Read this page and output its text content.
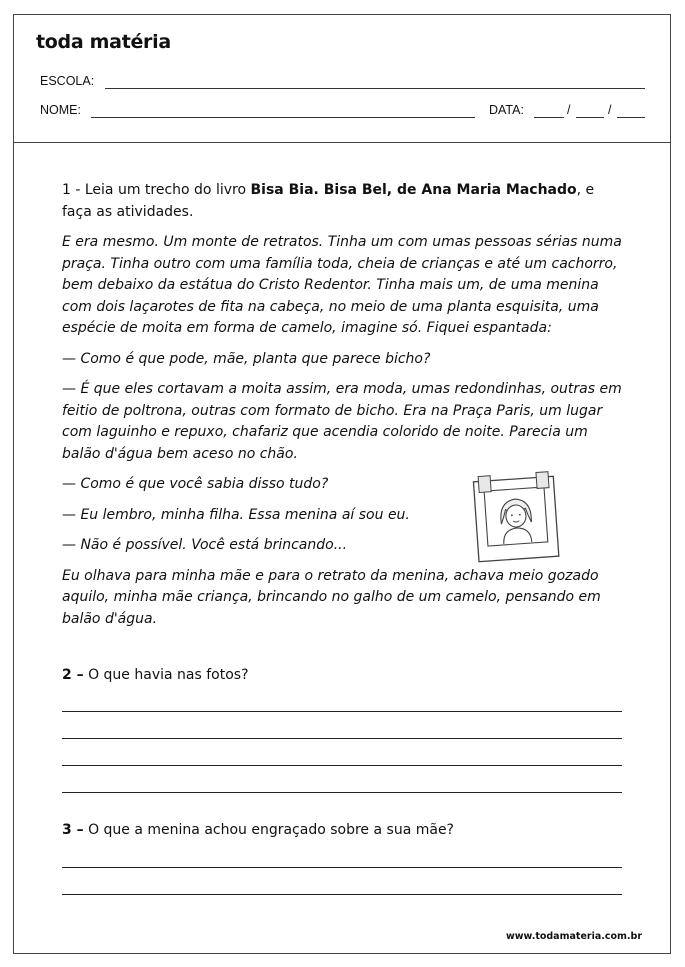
toda matéria
ESCOLA:
NOME:	DATA:	/	/

1 - Leia um trecho do livro Bisa Bia. Bisa Bel, de Ana Maria Machado, e faça as atividades.

E era mesmo. Um monte de retratos. Tinha um com umas pessoas sérias numa praça. Tinha outro com uma família toda, cheia de crianças e até um cachorro, bem debaixo da estátua do Cristo Redentor. Tinha mais um, de uma menina com dois laçarotes de fita na cabeça, no meio de uma planta esquisita, uma espécie de moita em forma de camelo, imagine só. Fiquei espantada:

— Como é que pode, mãe, planta que parece bicho?

— É que eles cortavam a moita assim, era moda, umas redondinhas, outras em feitio de poltrona, outras com formato de bicho. Era na Praça Paris, um lugar com laguinho e repuxo, chafariz que acendia colorido de noite. Parecia um balão d'água bem aceso no chão.

— Como é que você sabia disso tudo?

— Eu lembro, minha filha. Essa menina aí sou eu.

— Não é possível. Você está brincando...

Eu olhava para minha mãe e para o retrato da menina, achava meio gozado aquilo, minha mãe criança, brincando no galho de um camelo, pensando em balão d'água.

2 – O que havia nas fotos?
3 – O que a menina achou engraçado sobre a sua mãe?
www.todamateria.com.br
